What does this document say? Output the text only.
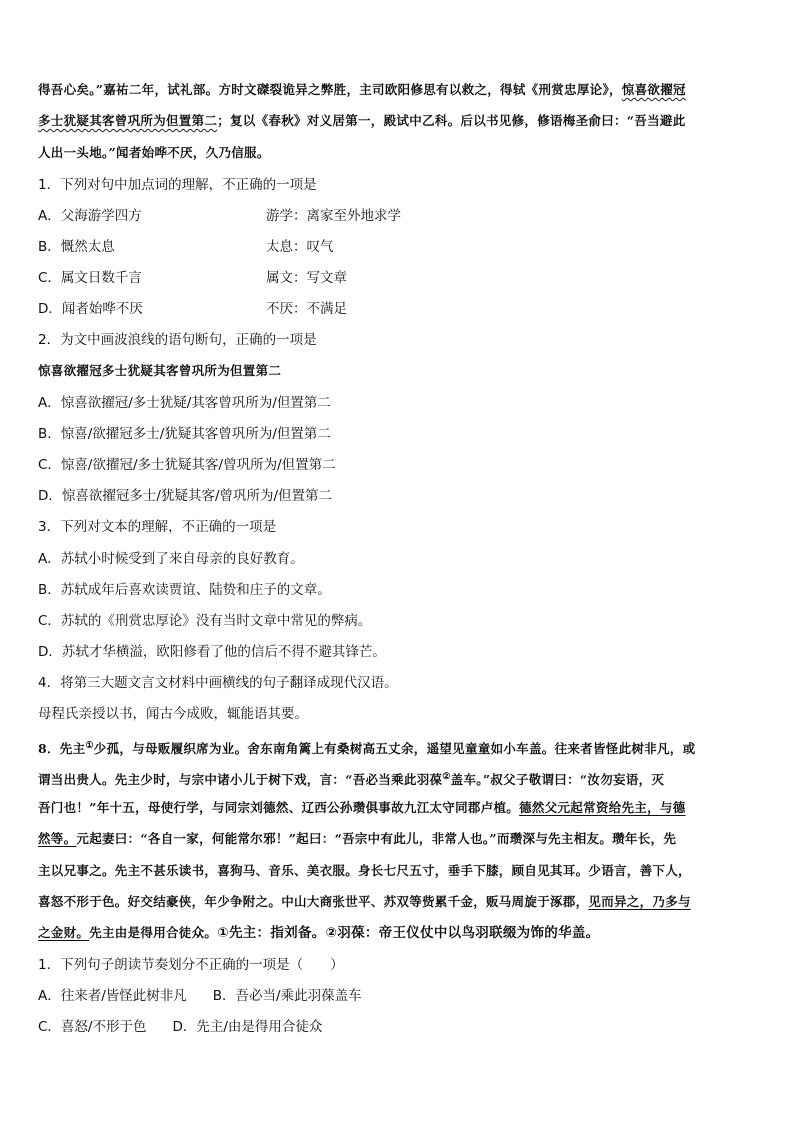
得吾心矣。”嘉祐二年，试礼部。方时文磔裂诡异之弊胜，主司欧阳修思有以救之，得轼《刑赏忠厚论》，惊喜欲擢冠
多士犹疑其客曾巩所为但置第二；复以《春秋》对义居第一，殿试中乙科。后以书见修，修语梅圣俞曰：“吾当避此
人出一头地。”闻者始哗不厌，久乃信服。
1．下列对句中加点词的理解，不正确的一项是
A．父海游学四方	游学：离家至外地求学
B．慨然太息	太息：叹气
C．属文日数千言	属文：写文章
D．闻者始哗不厌	不厌：不满足
2．为文中画波浪线的语句断句，正确的一项是
惊喜欲擢冠多士犹疑其客曾巩所为但置第二
A．惊喜欲擢冠/多士犹疑/其客曾巩所为/但置第二
B．惊喜/欲擢冠多士/犹疑其客曾巩所为/但置第二
C．惊喜/欲擢冠/多士犹疑其客/曾巩所为/但置第二
D．惊喜欲擢冠多士/犹疑其客/曾巩所为/但置第二
3．下列对文本的理解，不正确的一项是
A．苏轼小时候受到了来自母亲的良好教育。
B．苏轼成年后喜欢读贾谊、陆贽和庄子的文章。
C．苏轼的《刑赏忠厚论》没有当时文章中常见的弊病。
D．苏轼才华横溢，欧阳修看了他的信后不得不避其锋芒。
4．将第三大题文言文材料中画横线的句子翻译成现代汉语。
母程氏亲授以书，闻古今成败，辄能语其要。
8．先主①少孤，与母贩履织席为业。舍东南角篱上有桑树高五丈余，遥望见童童如小车盖。往来者皆怪此树非凡，或
谓当出贵人。先主少时，与宗中诸小儿于树下戏，言：“吾必当乘此羽葆②盖车。”叔父子敬谓曰：“汝勿妄语，灭
吾门也！”年十五，母使行学，与同宗刘德然、辽西公孙瓒俱事故九江太守同郡卢植。德然父元起常资给先主，与德
然等。元起妻曰：“各自一家，何能常尔邪！”起曰：“吾宗中有此儿，非常人也。”而瓒深与先主相友。瓒年长，先
主以兄事之。先主不甚乐读书，喜狗马、音乐、美衣服。身长七尺五寸，垂手下膝，顾自见其耳。少语言，善下人，
喜怒不形于色。好交结豪侠，年少争附之。中山大商张世平、苏双等赀累千金，贩马周旋于涿郡，见而异之，乃多与
之金财。先主由是得用合徒众。①先主：指刘备。②羽葆：帝王仪仗中以鸟羽联缀为饰的华盖。
1．下列句子朗读节奏划分不正确的一项是（　　）
A．往来者/皆怪此树非凡 B．吾必当/乘此羽葆盖车
C．喜怒/不形于色 D．先主/由是得用合徒众
